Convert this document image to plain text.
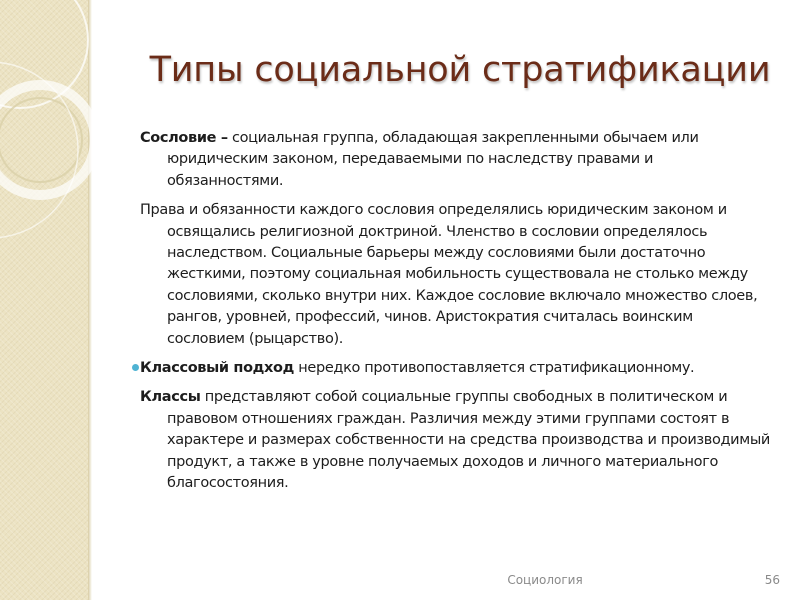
Типы социальной стратификации

Сословие – социальная группа, обладающая закрепленными обычаем или юридическим законом, передаваемыми по наследству правами и обязанностями.

Права и обязанности каждого сословия определялись юридическим законом и освящались религиозной доктриной. Членство в сословии определялось наследством. Социальные барьеры между сословиями были достаточно жесткими, поэтому социальная мобильность существовала не столько между сословиями, сколько внутри них. Каждое сословие включало множество слоев, рангов, уровней, профессий, чинов. Аристократия считалась воинским сословием (рыцарство).

Классовый подход нередко противопоставляется стратификационному.

Классы представляют собой социальные группы свободных в политическом и правовом отношениях граждан. Различия между этими группами состоят в характере и размерах собственности на средства производства и производимый продукт, а также в уровне получаемых доходов и личного материального благосостояния.

Социология	56
